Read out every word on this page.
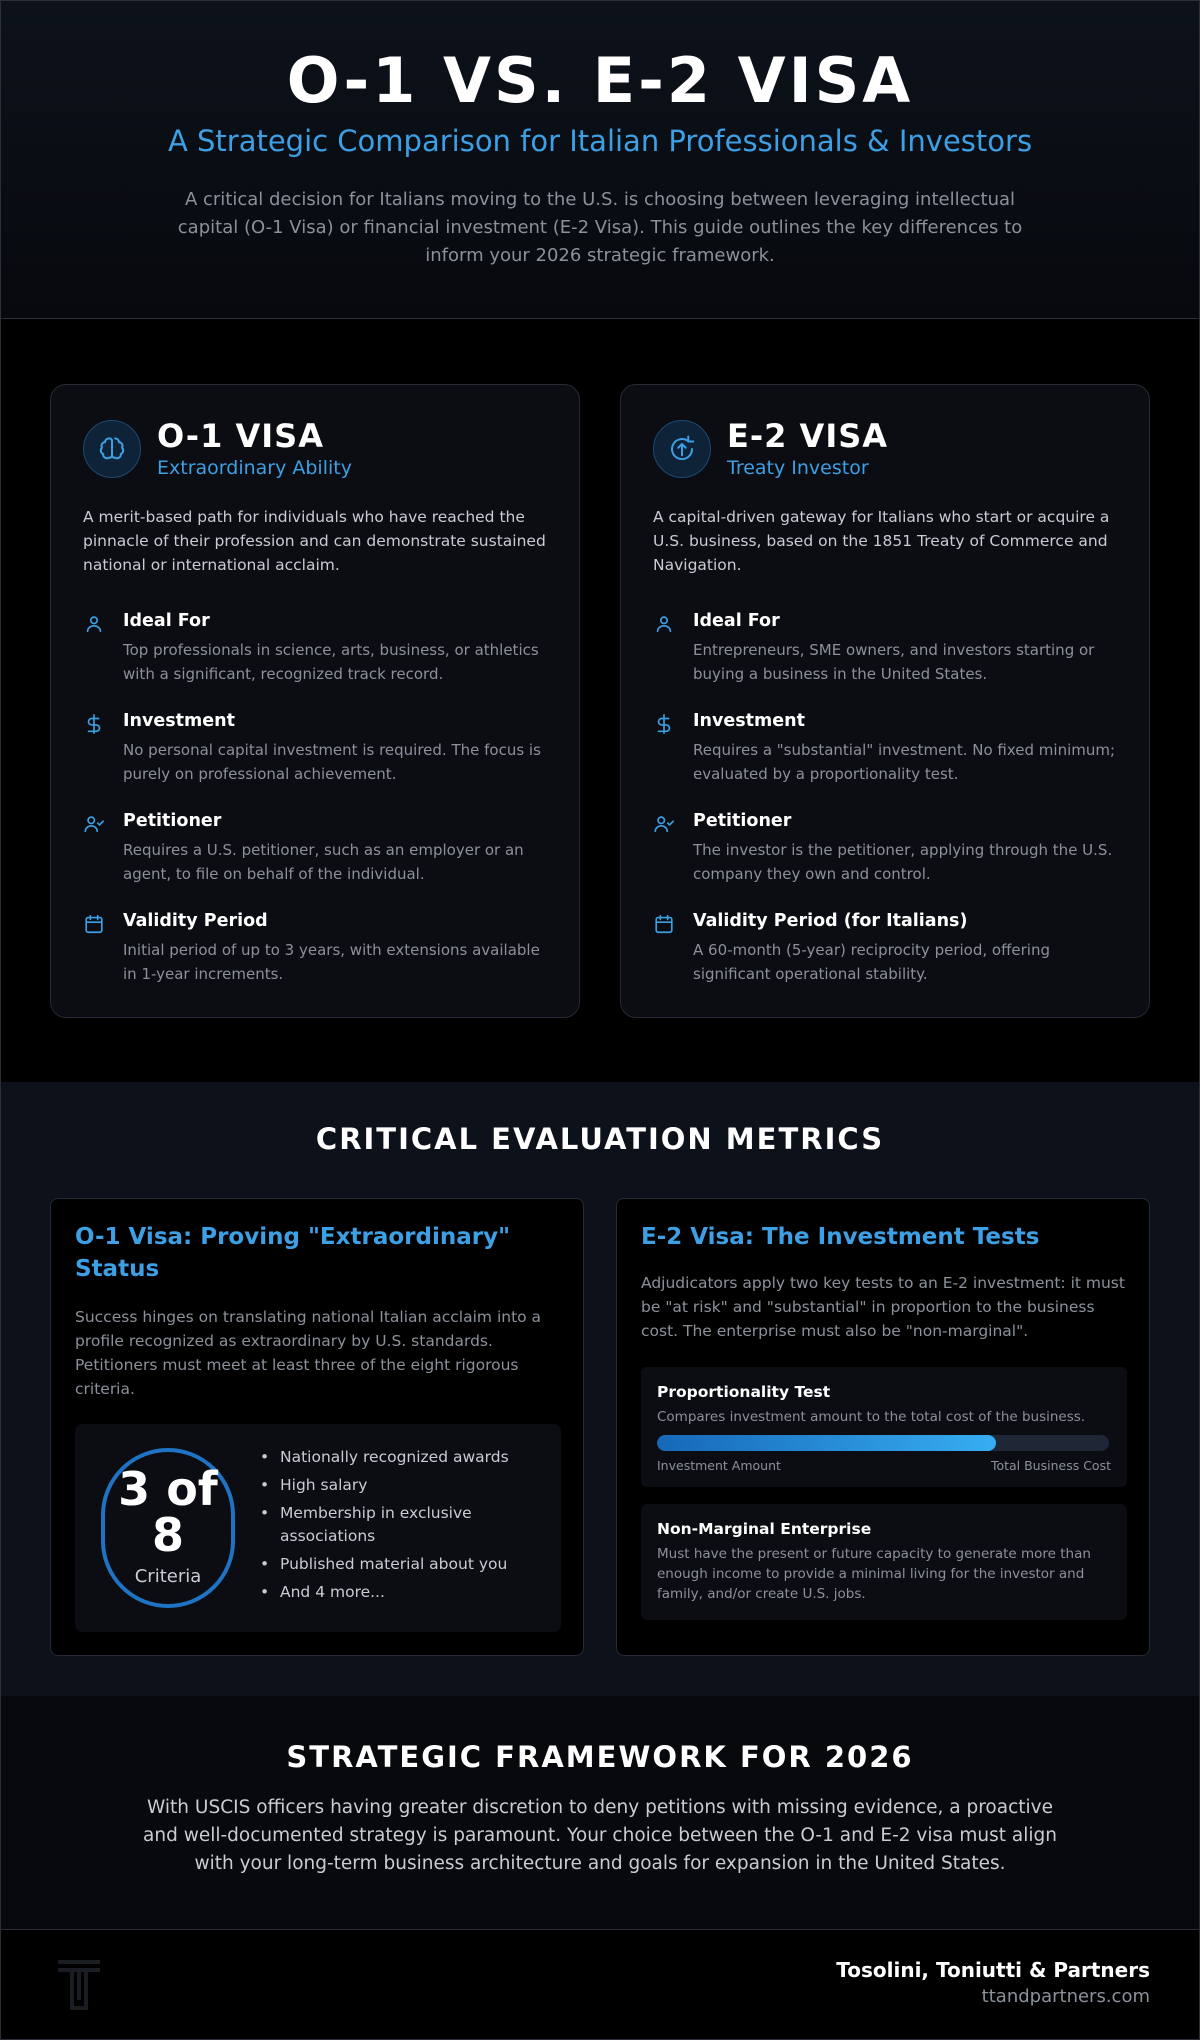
O-1 VS. E-2 VISA
A Strategic Comparison for Italian Professionals & Investors

A critical decision for Italians moving to the U.S. is choosing between leveraging intellectual capital (O-1 Visa) or financial investment (E-2 Visa). This guide outlines the key differences to inform your 2026 strategic framework.

O-1 VISA
Extraordinary Ability

A merit-based path for individuals who have reached the pinnacle of their profession and can demonstrate sustained national or international acclaim.

Ideal For
Top professionals in science, arts, business, or athletics with a significant, recognized track record.
Investment
No personal capital investment is required. The focus is purely on professional achievement.
Petitioner
Requires a U.S. petitioner, such as an employer or an agent, to file on behalf of the individual.
Validity Period
Initial period of up to 3 years, with extensions available in 1-year increments.
E-2 VISA
Treaty Investor

A capital-driven gateway for Italians who start or acquire a U.S. business, based on the 1851 Treaty of Commerce and Navigation.

Ideal For
Entrepreneurs, SME owners, and investors starting or buying a business in the United States.
Investment
Requires a "substantial" investment. No fixed minimum; evaluated by a proportionality test.
Petitioner
The investor is the petitioner, applying through the U.S. company they own and control.
Validity Period (for Italians)
A 60-month (5-year) reciprocity period, offering significant operational stability.
CRITICAL EVALUATION METRICS
O-1 Visa: Proving "Extraordinary" Status

Success hinges on translating national Italian acclaim into a profile recognized as extraordinary by U.S. standards. Petitioners must meet at least three of the eight rigorous criteria.

3 of 8
Criteria
• Nationally recognized awards
• High salary
• Membership in exclusive associations
• Published material about you
• And 4 more...
E-2 Visa: The Investment Tests

Adjudicators apply two key tests to an E-2 investment: it must be "at risk" and "substantial" in proportion to the business cost. The enterprise must also be "non-marginal".

Proportionality Test
Compares investment amount to the total cost of the business.
Investment Amount	Total Business Cost
Non-Marginal Enterprise
Must have the present or future capacity to generate more than enough income to provide a minimal living for the investor and family, and/or create U.S. jobs.
STRATEGIC FRAMEWORK FOR 2026

With USCIS officers having greater discretion to deny petitions with missing evidence, a proactive and well-documented strategy is paramount. Your choice between the O-1 and E-2 visa must align with your long-term business architecture and goals for expansion in the United States.

Tosolini, Toniutti & Partners
ttandpartners.com
